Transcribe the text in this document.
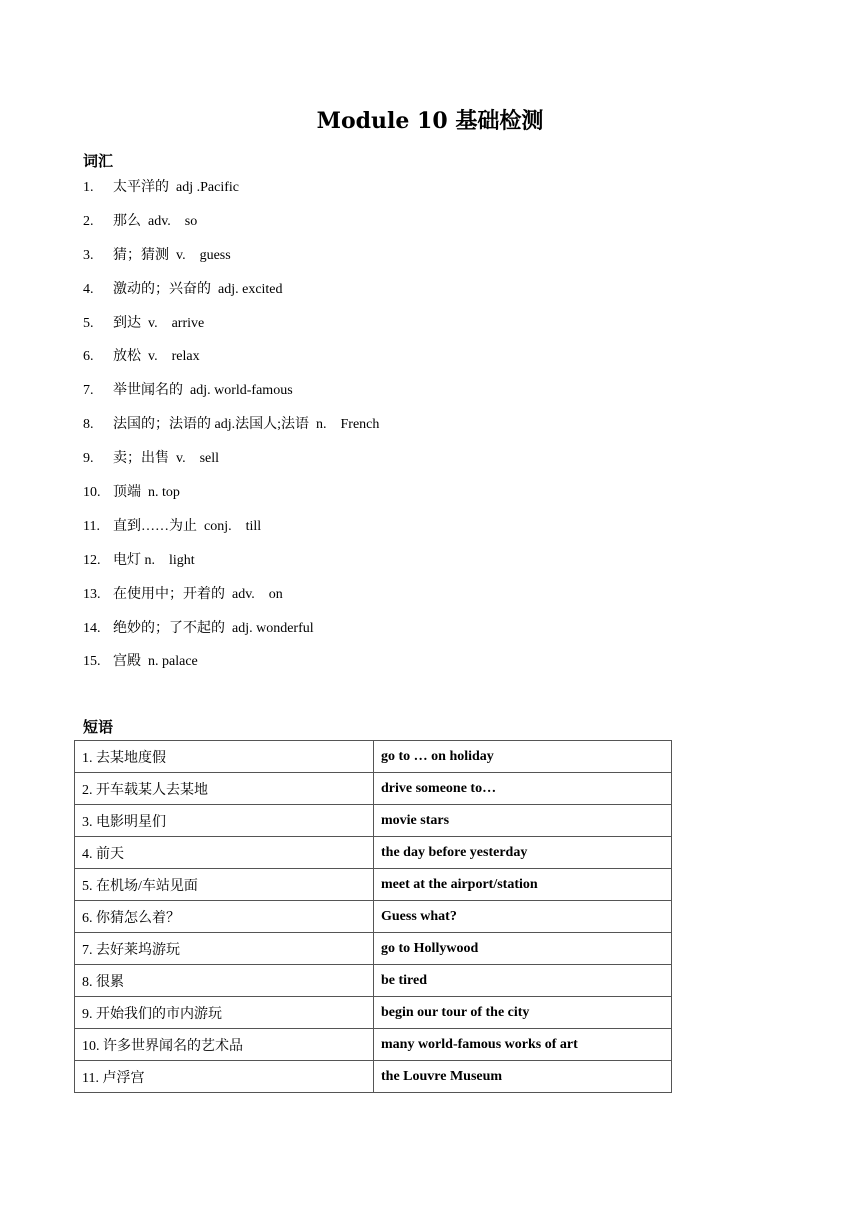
Module 10 基础检测
词汇
1. 太平洋的  adj .Pacific
2. 那么  adv.    so
3. 猜；猜测  v.    guess
4. 激动的；兴奋的  adj. excited
5. 到达  v.    arrive
6. 放松  v.    relax
7. 举世闻名的  adj. world-famous
8. 法国的；法语的 adj.法国人;法语  n.    French
9. 卖；出售  v.    sell
10. 顶端  n. top
11. 直到……为止  conj.    till
12. 电灯 n.    light
13. 在使用中；开着的  adv.    on
14. 绝妙的；了不起的  adj. wonderful
15. 宫殿  n. palace
短语
1. 去某地度假	go to … on holiday
2. 开车载某人去某地	drive someone to…
3. 电影明星们	movie stars
4. 前天	the day before yesterday
5. 在机场/车站见面	meet at the airport/station
6. 你猜怎么着？	Guess what?
7. 去好莱坞游玩	go to Hollywood
8. 很累	be tired
9. 开始我们的市内游玩	begin our tour of the city
10. 许多世界闻名的艺术品	many world-famous works of art
11. 卢浮宫	the Louvre Museum
